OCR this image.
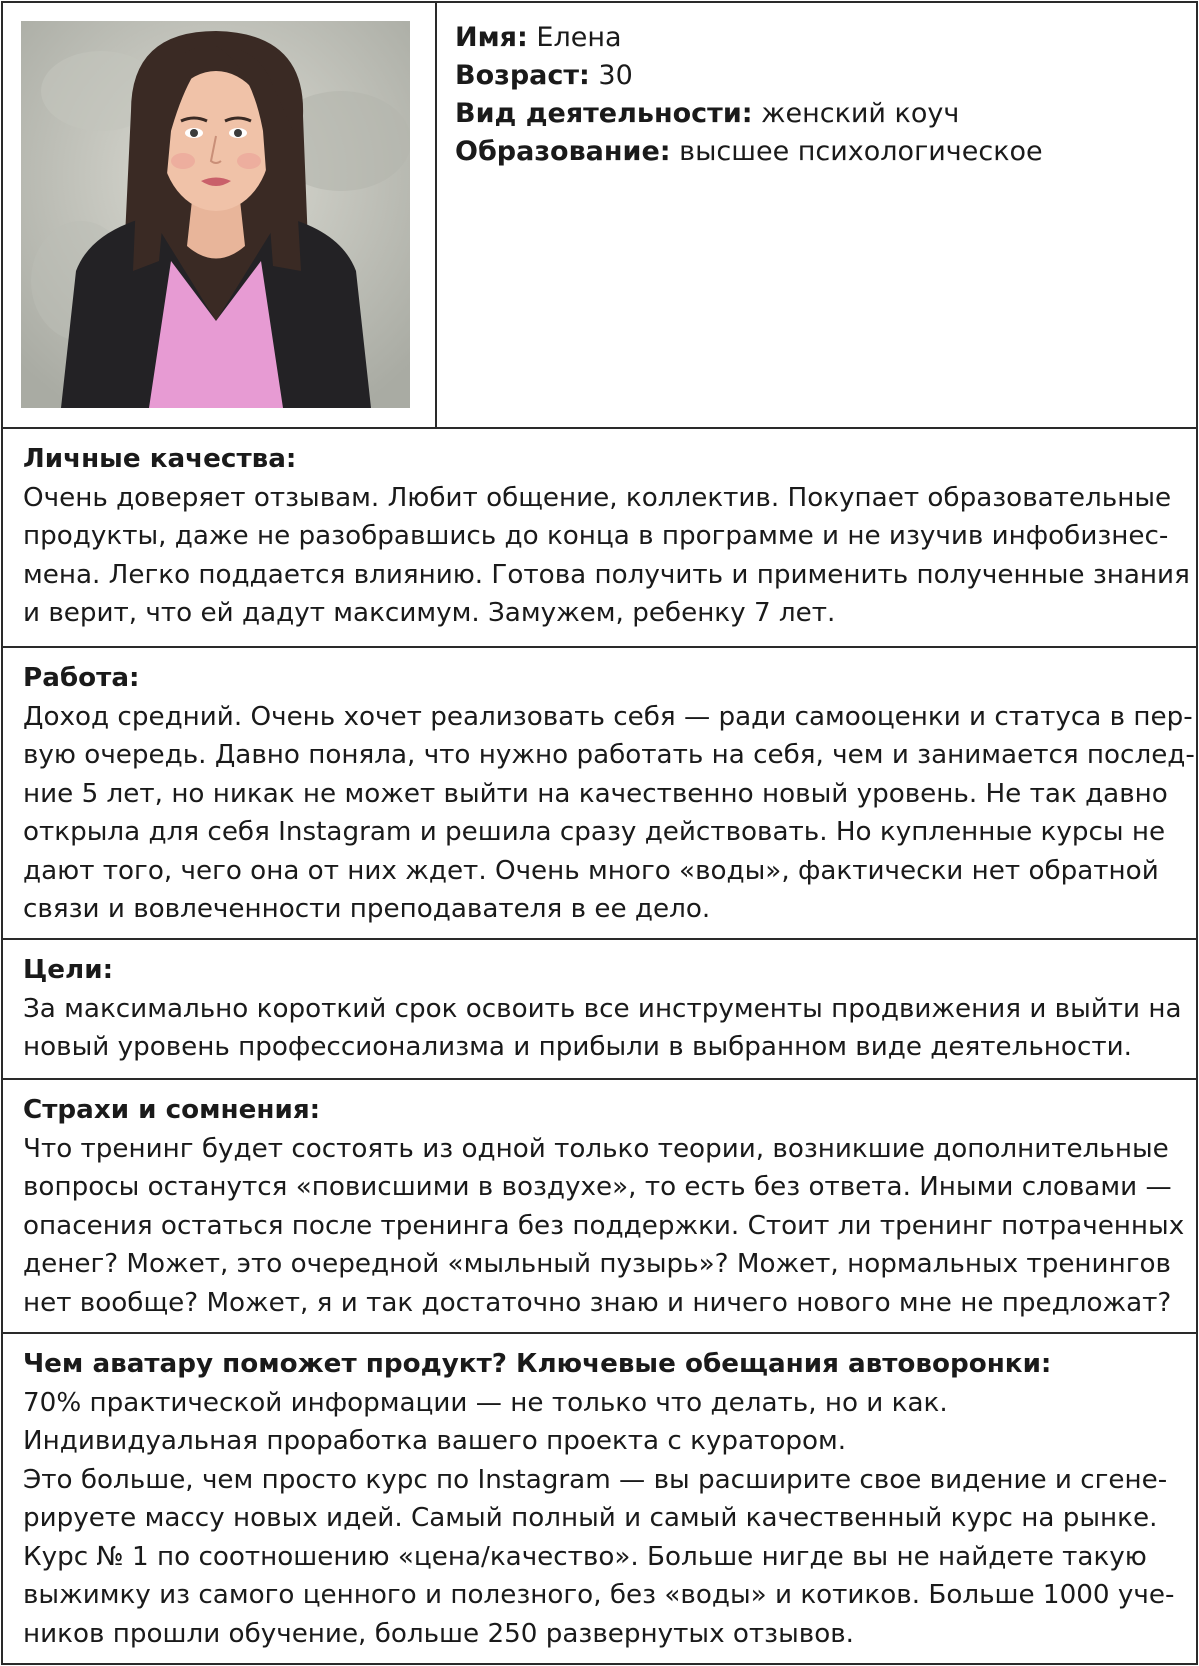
Имя: Елена
Возраст: 30
Вид деятельности: женский коуч
Образование: высшее психологическое
Личные качества:
Очень доверяет отзывам. Любит общение, коллектив. Покупает образовательные
продукты, даже не разобравшись до конца в программе и не изучив инфобизнес-
мена. Легко поддается влиянию. Готова получить и применить полученные знания
и верит, что ей дадут максимум. Замужем, ребенку 7 лет.
Работа:
Доход средний. Очень хочет реализовать себя — ради самооценки и статуса в пер-
вую очередь. Давно поняла, что нужно работать на себя, чем и занимается послед-
ние 5 лет, но никак не может выйти на качественно новый уровень. Не так давно
открыла для себя Instagram и решила сразу действовать. Но купленные курсы не
дают того, чего она от них ждет. Очень много «воды», фактически нет обратной
связи и вовлеченности преподавателя в ее дело.
Цели:
За максимально короткий срок освоить все инструменты продвижения и выйти на
новый уровень профессионализма и прибыли в выбранном виде деятельности.
Страхи и сомнения:
Что тренинг будет состоять из одной только теории, возникшие дополнительные
вопросы останутся «повисшими в воздухе», то есть без ответа. Иными словами —
опасения остаться после тренинга без поддержки. Стоит ли тренинг потраченных
денег? Может, это очередной «мыльный пузырь»? Может, нормальных тренингов
нет вообще? Может, я и так достаточно знаю и ничего нового мне не предложат?
Чем аватару поможет продукт? Ключевые обещания автоворонки:
70% практической информации — не только что делать, но и как.
Индивидуальная проработка вашего проекта с куратором.
Это больше, чем просто курс по Instagram — вы расширите свое видение и сгене-
рируете массу новых идей. Самый полный и самый качественный курс на рынке.
Курс № 1 по соотношению «цена/качество». Больше нигде вы не найдете такую
выжимку из самого ценного и полезного, без «воды» и котиков. Больше 1000 уче-
ников прошли обучение, больше 250 развернутых отзывов.
